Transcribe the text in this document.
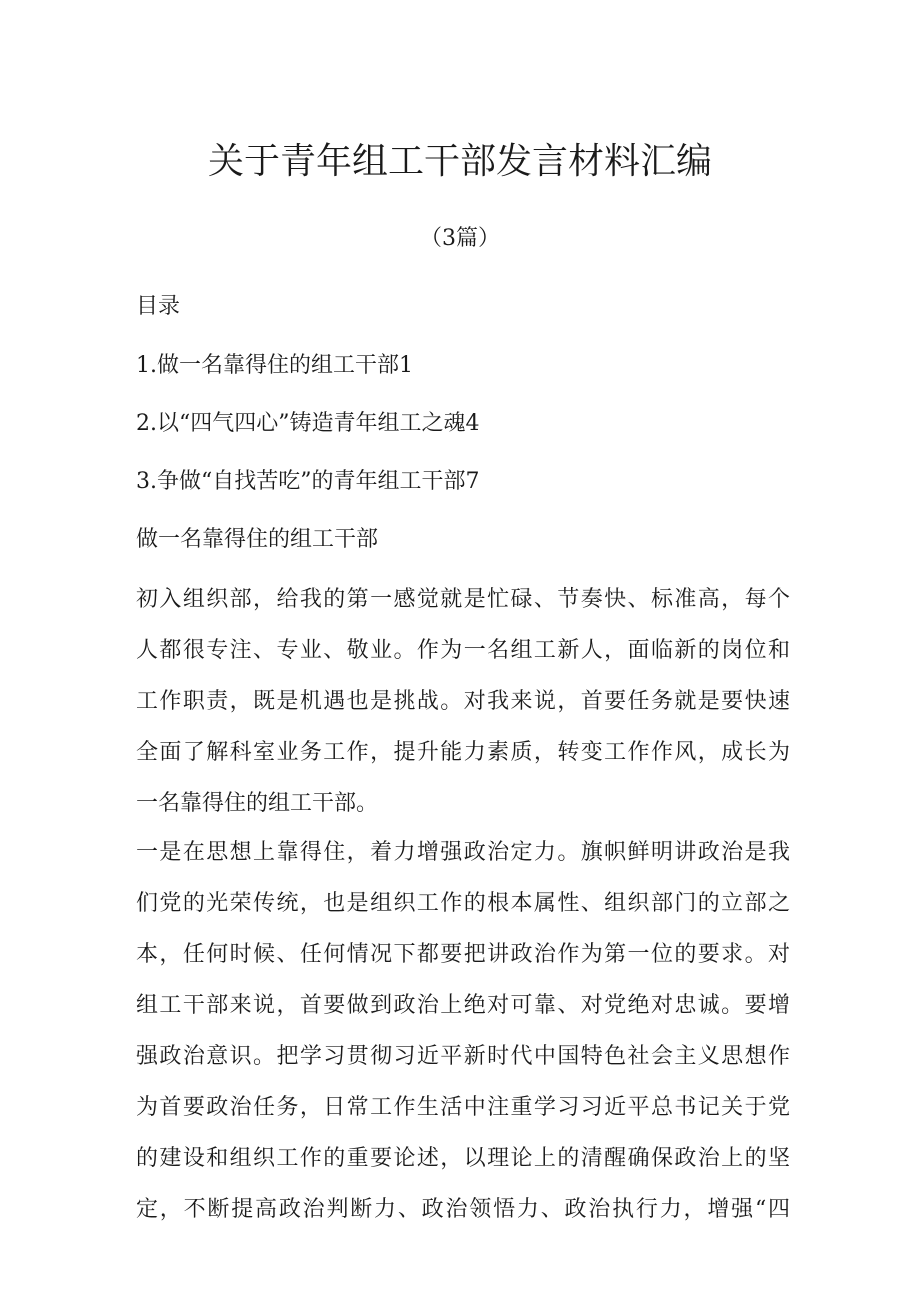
关于青年组工干部发言材料汇编
（3篇）
目录
1.做一名靠得住的组工干部1
2.以“四气四心”铸造青年组工之魂4
3.争做“自找苦吃”的青年组工干部7
做一名靠得住的组工干部
初入组织部，给我的第一感觉就是忙碌、节奏快、标准高，每个
人都很专注、专业、敬业。作为一名组工新人，面临新的岗位和
工作职责，既是机遇也是挑战。对我来说，首要任务就是要快速
全面了解科室业务工作，提升能力素质，转变工作作风，成长为
一名靠得住的组工干部。
一是在思想上靠得住，着力增强政治定力。旗帜鲜明讲政治是我
们党的光荣传统，也是组织工作的根本属性、组织部门的立部之
本，任何时候、任何情况下都要把讲政治作为第一位的要求。对
组工干部来说，首要做到政治上绝对可靠、对党绝对忠诚。要增
强政治意识。把学习贯彻习近平新时代中国特色社会主义思想作
为首要政治任务，日常工作生活中注重学习习近平总书记关于党
的建设和组织工作的重要论述，以理论上的清醒确保政治上的坚
定，不断提高政治判断力、政治领悟力、政治执行力，增强“四
